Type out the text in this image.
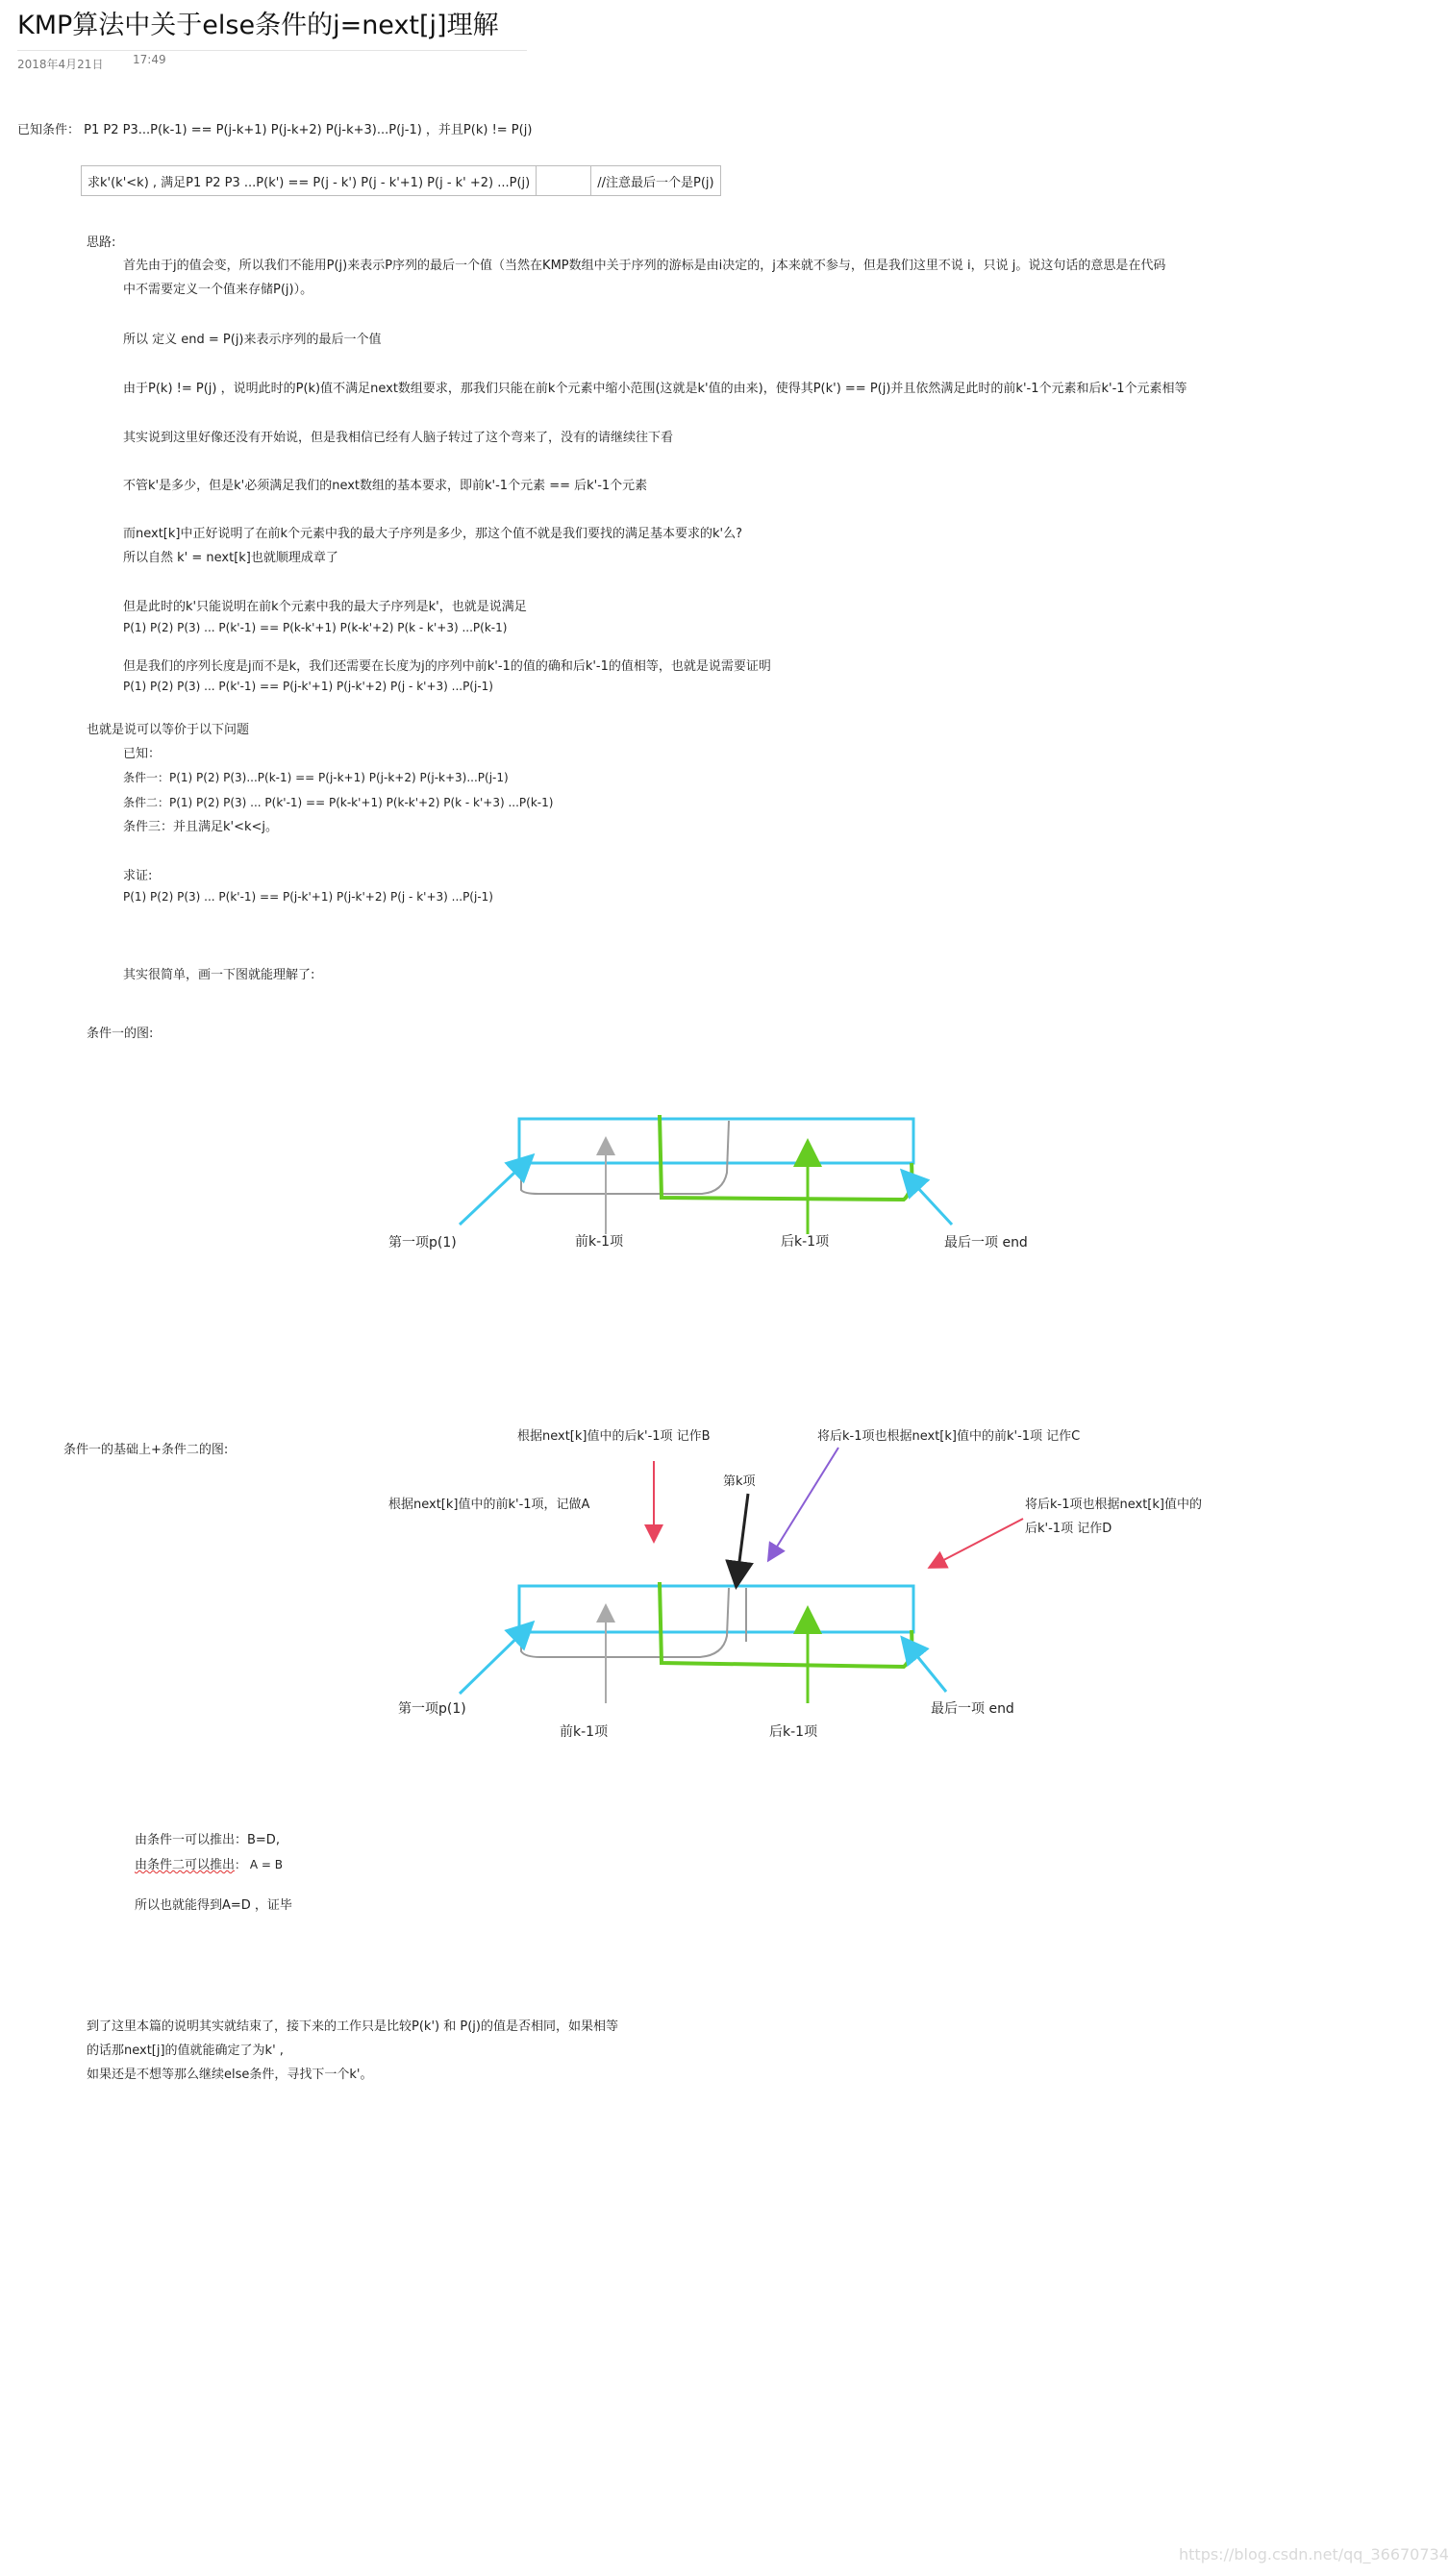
KMP算法中关于else条件的j=next[j]理解
2018年4月21日	17:49
已知条件： P1 P2 P3...P(k-1) == P(j-k+1) P(j-k+2) P(j-k+3)...P(j-1) ，并且P(k) != P(j)
求k'(k'<k) , 满足P1 P2 P3 ...P(k') == P(j - k') P(j - k'+1) P(j - k' +2) ...P(j)		//注意最后一个是P(j)
思路:
首先由于j的值会变，所以我们不能用P(j)来表示P序列的最后一个值（当然在KMP数组中关于序列的游标是由i决定的，j本来就不参与，但是我们这里不说 i，只说 j。说这句话的意思是在代码
中不需要定义一个值来存储P(j)）。
所以 定义 end = P(j)来表示序列的最后一个值
由于P(k) != P(j) ，说明此时的P(k)值不满足next数组要求，那我们只能在前k个元素中缩小范围(这就是k'值的由来)，使得其P(k') == P(j)并且依然满足此时的前k'-1个元素和后k'-1个元素相等
其实说到这里好像还没有开始说，但是我相信已经有人脑子转过了这个弯来了，没有的请继续往下看
不管k'是多少，但是k'必须满足我们的next数组的基本要求，即前k'-1个元素 == 后k'-1个元素
而next[k]中正好说明了在前k个元素中我的最大子序列是多少，那这个值不就是我们要找的满足基本要求的k'么?
所以自然 k' = next[k]也就顺理成章了
但是此时的k'只能说明在前k个元素中我的最大子序列是k'，也就是说满足
P(1) P(2) P(3) ... P(k'-1) == P(k-k'+1) P(k-k'+2) P(k - k'+3) ...P(k-1)
但是我们的序列长度是j而不是k，我们还需要在长度为j的序列中前k'-1的值的确和后k'-1的值相等，也就是说需要证明
P(1) P(2) P(3) ... P(k'-1) == P(j-k'+1) P(j-k'+2) P(j - k'+3) ...P(j-1)
也就是说可以等价于以下问题
已知：
条件一：P(1) P(2) P(3)...P(k-1) == P(j-k+1) P(j-k+2) P(j-k+3)...P(j-1)
条件二：P(1) P(2) P(3) ... P(k'-1) == P(k-k'+1) P(k-k'+2) P(k - k'+3) ...P(k-1)
条件三：并且满足k'<k<j。
求证:
P(1) P(2) P(3) ... P(k'-1) == P(j-k'+1) P(j-k'+2) P(j - k'+3) ...P(j-1)
其实很简单，画一下图就能理解了:
条件一的图:
第一项p(1)	前k-1项	后k-1项	最后一项 end
条件一的基础上+条件二的图:
根据next[k]值中的后k'-1项 记作B	将后k-1项也根据next[k]值中的前k'-1项 记作C
第k项
根据next[k]值中的前k'-1项，记做A	将后k-1项也根据next[k]值中的
后k'-1项 记作D
第一项p(1)
前k-1项	后k-1项
最后一项 end
由条件一可以推出：B=D,
由条件二可以推出： A = B
所以也就能得到A=D ，证毕
到了这里本篇的说明其实就结束了，接下来的工作只是比较P(k') 和 P(j)的值是否相同，如果相等
的话那next[j]的值就能确定了为k' ,
如果还是不想等那么继续else条件，寻找下一个k'。
https://blog.csdn.net/qq_36670734
